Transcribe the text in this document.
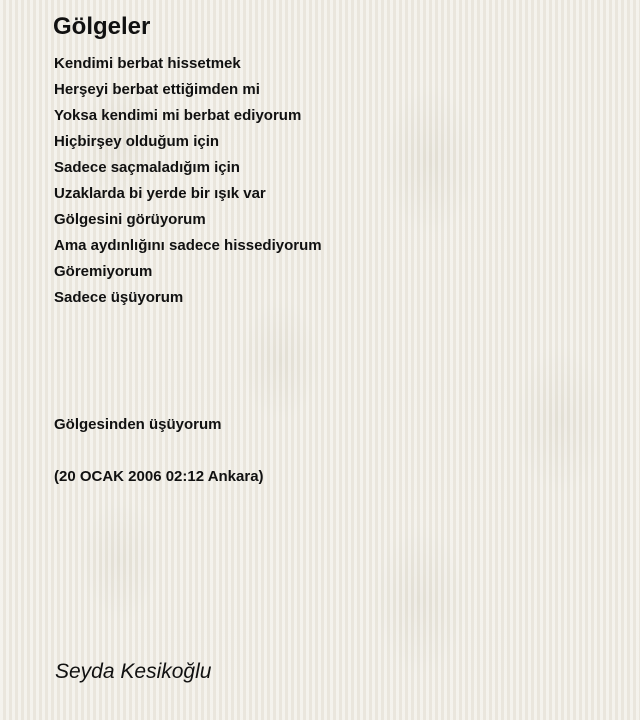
Gölgeler
Kendimi berbat hissetmek
Herşeyi berbat ettiğimden mi
Yoksa kendimi mi berbat ediyorum
Hiçbirşey olduğum için
Sadece saçmaladığım için
Uzaklarda bi yerde bir ışık var
Gölgesini görüyorum
Ama aydınlığını sadece hissediyorum
Göremiyorum
Sadece üşüyorum
Gölgesinden üşüyorum
(20 OCAK 2006 02:12 Ankara)
Seyda Kesikoğlu
